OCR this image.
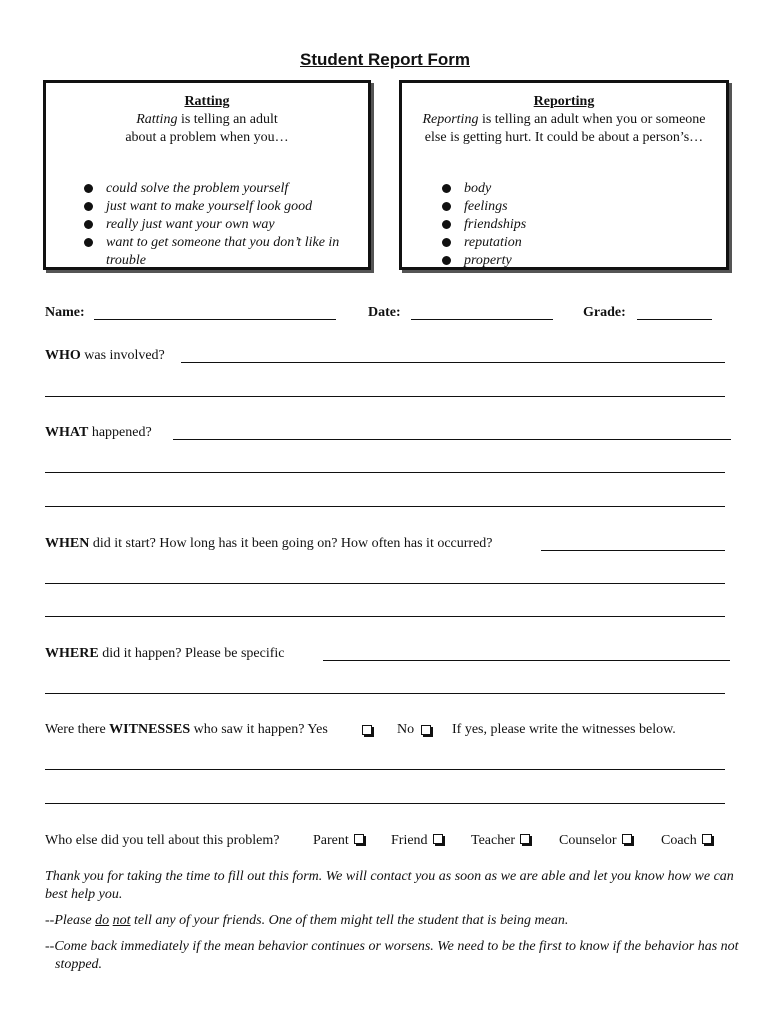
Student Report Form
Ratting
Ratting is telling an adult
about a problem when you…
could solve the problem yourself
just want to make yourself look good
really just want your own way
want to get someone that you don’t like in trouble
Reporting
Reporting is telling an adult when you or someone else is getting hurt. It could be about a person’s…
body
feelings
friendships
reputation
property
Name:	Date:	Grade:
WHO was involved?
WHAT happened?
WHEN did it start? How long has it been going on? How often has it occurred?
WHERE did it happen? Please be specific
Were there WITNESSES who saw it happen? Yes	No	If yes, please write the witnesses below.
Who else did you tell about this problem? Parent	Friend	Teacher	Counselor	Coach
Thank you for taking the time to fill out this form. We will contact you as soon as we are able and let you know how we can best help you.
--Please do not tell any of your friends. One of them might tell the student that is being mean.
--Come back immediately if the mean behavior continues or worsens. We need to be the first to know if the behavior has not stopped.
